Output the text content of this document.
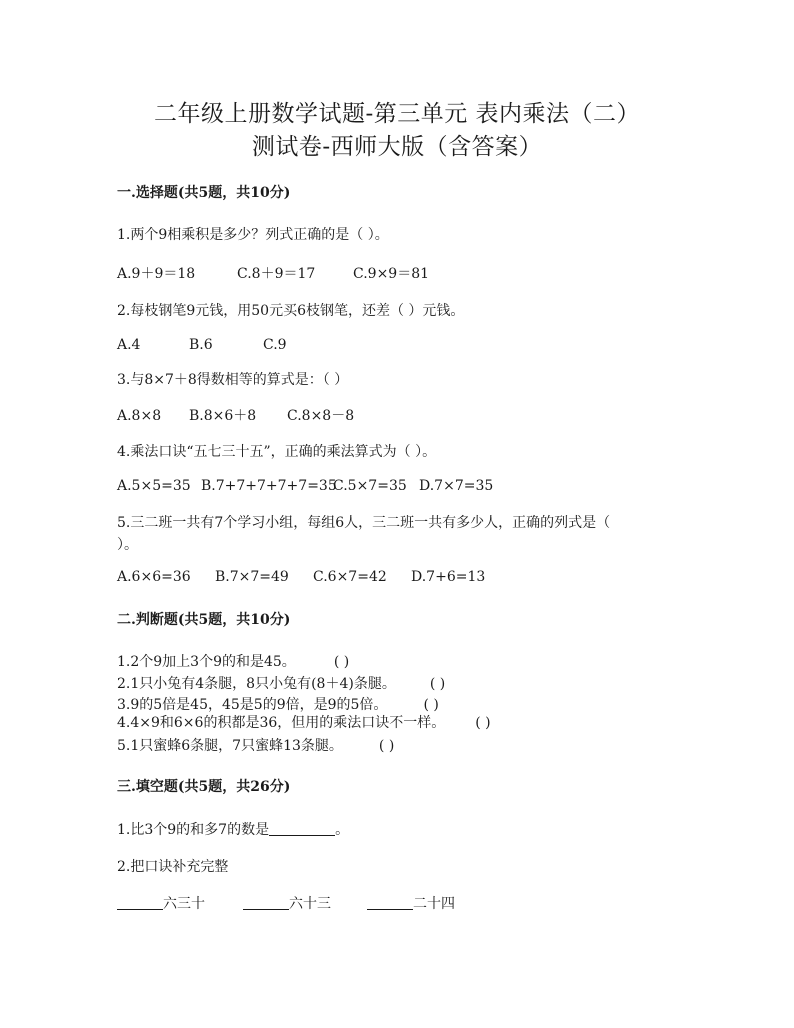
二年级上册数学试题-第三单元 表内乘法（二）
测试卷-西师大版（含答案）
一.选择题(共5题，共10分)
1.两个9相乘积是多少？列式正确的是（ ）。
A.9＋9＝18	C.8＋9＝17	C.9×9＝81
2.每枝钢笔9元钱，用50元买6枝钢笔，还差（ ）元钱。
A.4	B.6	C.9
3.与8×7＋8得数相等的算式是：（ ）
A.8×8 B.8×6＋8 C.8×8－8
4.乘法口诀“五七三十五”，正确的乘法算式为（ ）。
A.5×5=35 B.7+7+7+7+7=35C.5×7=35 D.7×7=35
5.三二班一共有7个学习小组，每组6人，三二班一共有多少人，正确的列式是（
）。
A.6×6=36 B.7×7=49 C.6×7=42 D.7+6=13
二.判断题(共5题，共10分)
1.2个9加上3个9的和是45。	( )
2.1只小兔有4条腿，8只小兔有(8＋4)条腿。 ( )
3.9的5倍是45，45是5的9倍，是9的5倍。	( )
4.4×9和6×6的积都是36，但用的乘法口诀不一样。 ( )
5.1只蜜蜂6条腿，7只蜜蜂13条腿。	( )
三.填空题(共5题，共26分)
1.比3个9的和多7的数是	。
2.把口诀补充完整
六三十	六十三	二十四
